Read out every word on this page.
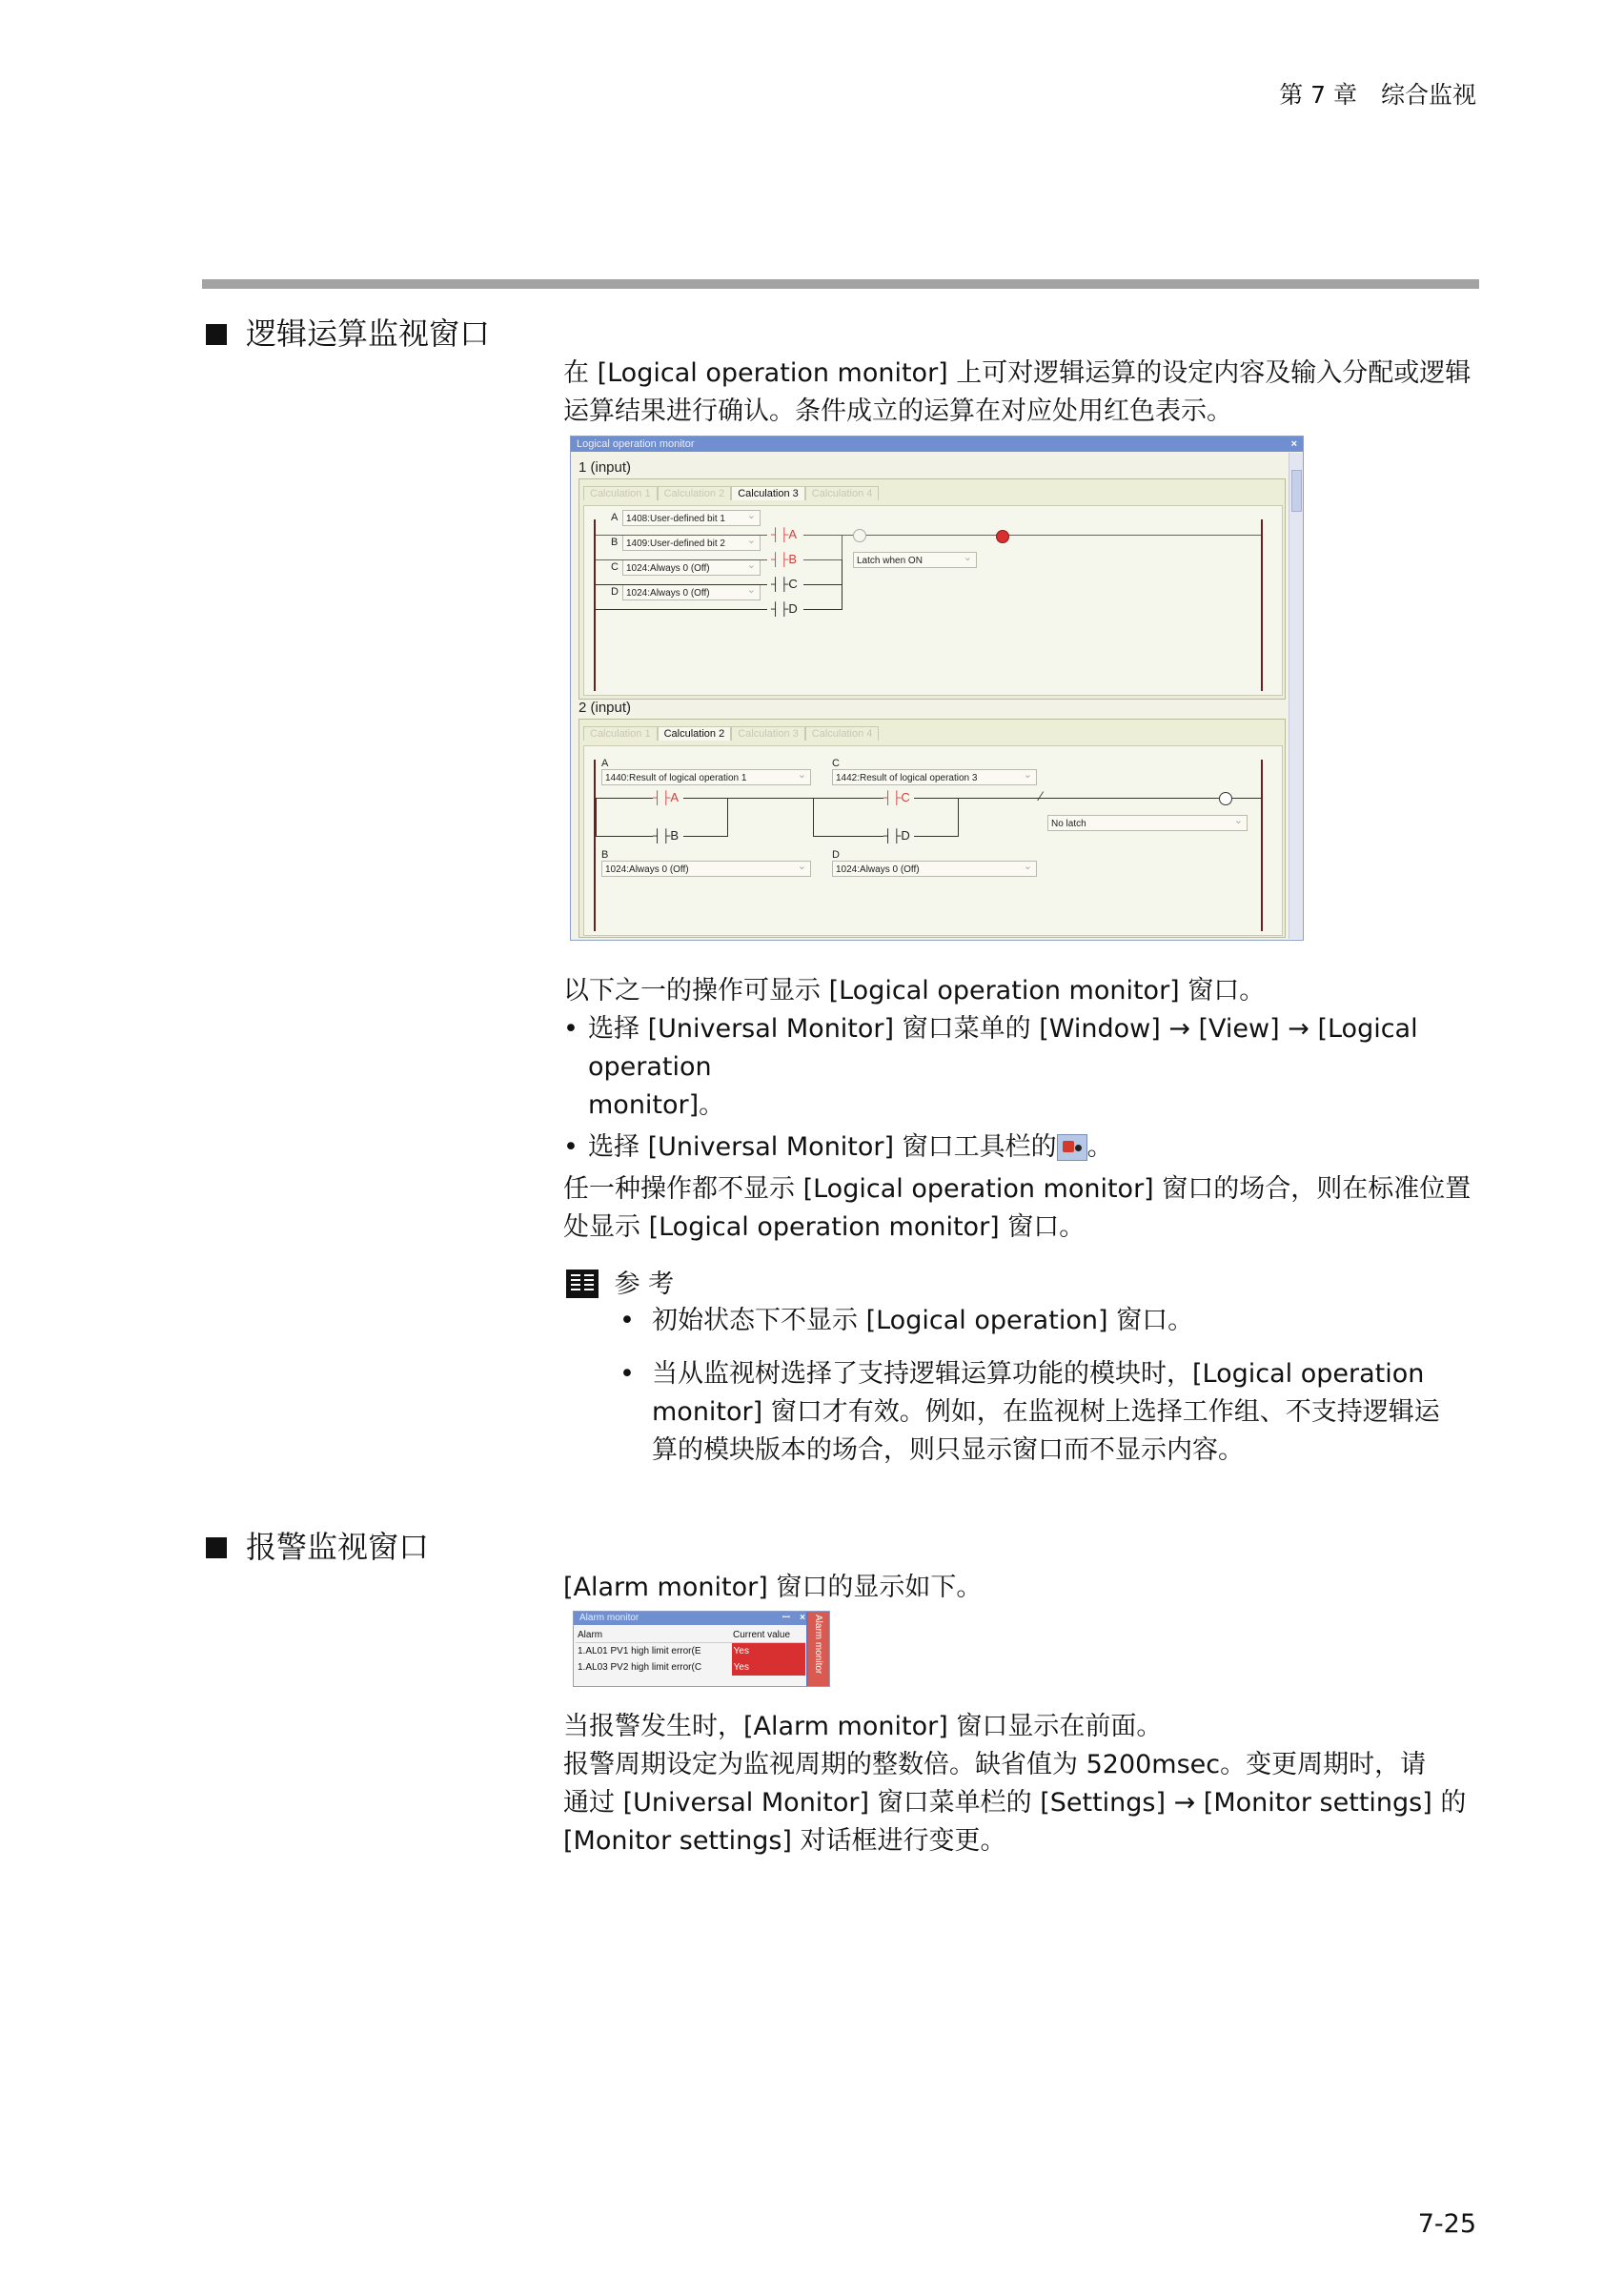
第 7 章　综合监视
逻辑运算监视窗口
在 [Logical operation monitor] 上可对逻辑运算的设定内容及输入分配或逻辑
运算结果进行确认。条件成立的运算在对应处用红色表示。
Logical operation monitor	×
1 (input)
Calculation 1	Calculation 2	Calculation 3	Calculation 4
A 1408:User-defined bit 1 ⌄
B 1409:User-defined bit 2 ⌄
C 1024:Always 0 (Off) ⌄
D 1024:Always 0 (Off) ⌄
┤├A
┤├B
┤├C
┤├D
Latch when ON ⌄
2 (input)
Calculation 1	Calculation 2	Calculation 3	Calculation 4
A
1440:Result of logical operation 1 ⌄
C
1442:Result of logical operation 3 ⌄
┤├A	┤├C	⁄
┤├B	┤├D
No latch ⌄
B
1024:Always 0 (Off) ⌄
D
1024:Always 0 (Off) ⌄
以下之一的操作可显示 [Logical operation monitor] 窗口。
• 选择 [Universal Monitor] 窗口菜单的 [Window] → [View] → [Logical operation
monitor]。
• 选择 [Universal Monitor] 窗口工具栏的 。
任一种操作都不显示 [Logical operation monitor] 窗口的场合，则在标准位置
处显示 [Logical operation monitor] 窗口。
参 考
• 初始状态下不显示 [Logical operation] 窗口。
• 当从监视树选择了支持逻辑运算功能的模块时，[Logical operation
monitor] 窗口才有效。例如，在监视树上选择工作组、不支持逻辑运
算的模块版本的场合，则只显示窗口而不显示内容。
报警监视窗口
[Alarm monitor] 窗口的显示如下。
Alarm monitor	ꟷ × Alarm monitor
Alarm	Current value
1.AL01 PV1 high limit error(E	Yes
1.AL03 PV2 high limit error(C	Yes
当报警发生时，[Alarm monitor] 窗口显示在前面。
报警周期设定为监视周期的整数倍。缺省值为 5200msec。变更周期时，请
通过 [Universal Monitor] 窗口菜单栏的 [Settings] → [Monitor settings] 的
[Monitor settings] 对话框进行变更。
7-25
